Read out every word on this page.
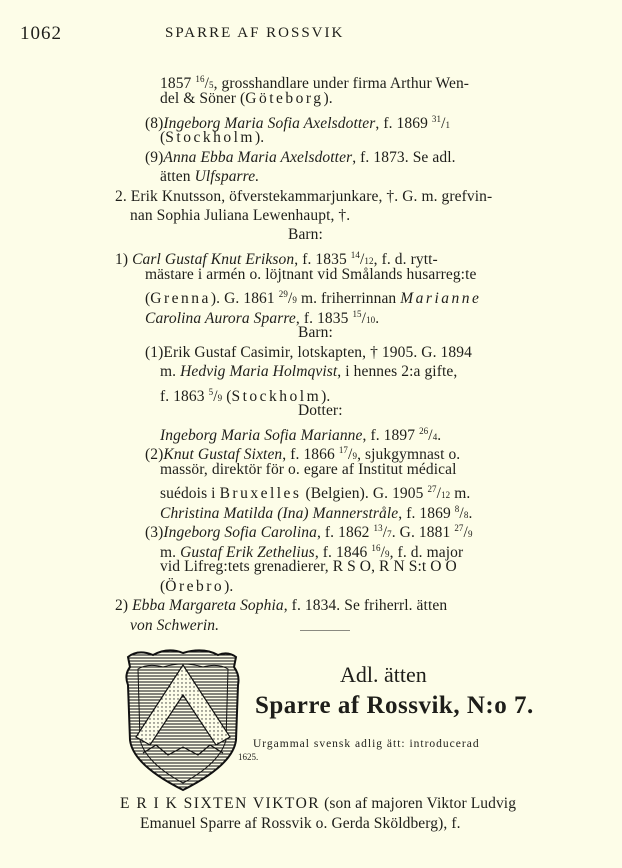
1062	SPARRE AF ROSSVIK
1857 $^{16}$/5, grosshandlare under firma Arthur Wen-
del & Söner (Göteborg).
(8)Ingeborg Maria Sofia Axelsdotter, f. 1869 $^{31}$/1
(Stockholm).
(9)Anna Ebba Maria Axelsdotter, f. 1873. Se adl.
ätten Ulfsparre.
2. Erik Knutsson, öfverstekammarjunkare, †. G. m. grefvin-
nan Sophia Juliana Lewenhaupt, †.
Barn:
1) Carl Gustaf Knut Erikson, f. 1835 $^{14}$/12, f. d. rytt-
mästare i armén o. löjtnant vid Smålands husarreg:te
(Grenna). G. 1861 $^{29}$/9 m. friherrinnan Marianne
Carolina Aurora Sparre, f. 1835 $^{15}$/10.
Barn:
(1)Erik Gustaf Casimir, lotskapten, † 1905. G. 1894
m. Hedvig Maria Holmqvist, i hennes 2:a gifte,
f. 1863 $^5$/9 (Stockholm).
Dotter:
Ingeborg Maria Sofia Marianne, f. 1897 $^{26}$/4.
(2)Knut Gustaf Sixten, f. 1866 $^{17}$/9, sjukgymnast o.
massör, direktör för o. egare af Institut médical
suédois i Bruxelles (Belgien). G. 1905 $^{27}$/12 m.
Christina Matilda (Ina) Mannerstråle, f. 1869 $^8$/8.
(3)Ingeborg Sofia Carolina, f. 1862 $^{13}$/7. G. 1881 $^{27}$/9
m. Gustaf Erik Zethelius, f. 1846 $^{16}$/9, f. d. major
vid Lifreg:tets grenadierer, R S O, R N S:t O O
(Örebro).
2) Ebba Margareta Sophia, f. 1834. Se friherrl. ätten
von Schwerin.
Adl. ätten
Sparre af Rossvik, N:o 7.
Urgammal svensk adlig ätt: introducerad
1625.
E R I K SIXTEN VIKTOR (son af majoren Viktor Ludvig
Emanuel Sparre af Rossvik o. Gerda Sköldberg), f.
